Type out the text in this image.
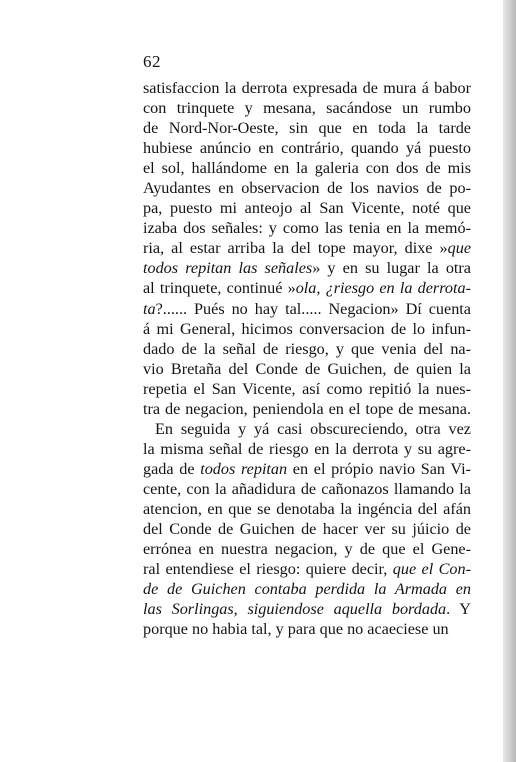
62
satisfaccion la derrota expresada de mura á babor
con trinquete y mesana, sacándose un rumbo
de Nord-Nor-Oeste, sin que en toda la tarde
hubiese anúncio en contrário, quando yá puesto
el sol, hallándome en la galeria con dos de mis
Ayudantes en observacion de los navios de po-
pa, puesto mi anteojo al San Vicente, noté que
izaba dos señales: y como las tenia en la memó-
ria, al estar arriba la del tope mayor, dixe »que
todos repitan las señales» y en su lugar la otra
al trinquete, continué »ola, ¿riesgo en la derrota-
ta?...... Pués no hay tal..... Negacion» Dí cuenta
á mi General, hicimos conversacion de lo infun-
dado de la señal de riesgo, y que venia del na-
vio Bretaña del Conde de Guichen, de quien la
repetia el San Vicente, así como repitió la nues-
tra de negacion, peniendola en el tope de mesana.
En seguida y yá casi obscureciendo, otra vez
la misma señal de riesgo en la derrota y su agre-
gada de todos repitan en el própio navio San Vi-
cente, con la añadidura de cañonazos llamando la
atencion, en que se denotaba la ingéncia del afán
del Conde de Guichen de hacer ver su júicio de
errónea en nuestra negacion, y de que el Gene-
ral entendiese el riesgo: quiere decir, que el Con-
de de Guichen contaba perdida la Armada en
las Sorlingas, siguiendose aquella bordada. Y
porque no habia tal, y para que no acaeciese un
